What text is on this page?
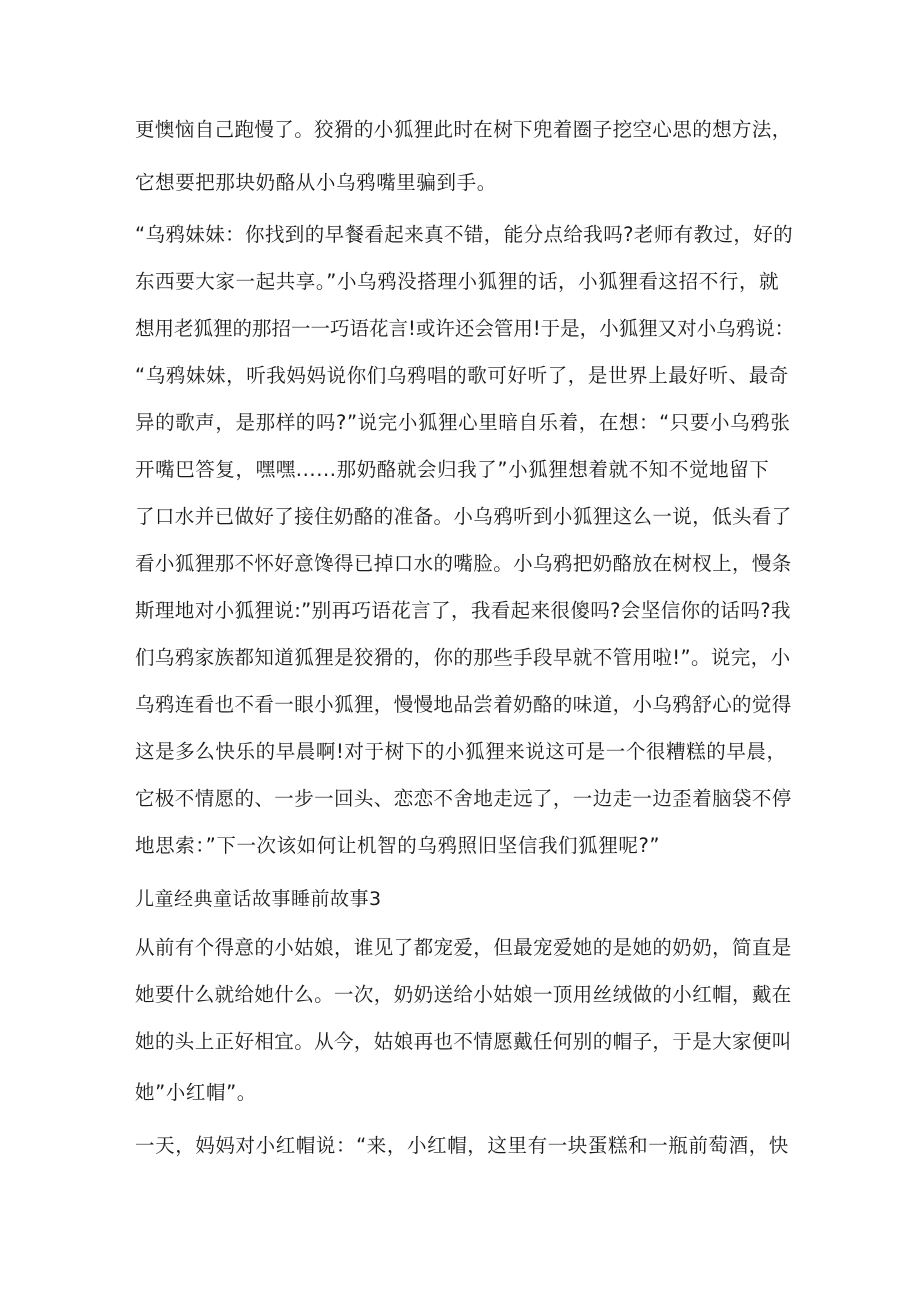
更懊恼自己跑慢了。狡猾的小狐狸此时在树下兜着圈子挖空心思的想方法，
它想要把那块奶酪从小乌鸦嘴里骗到手。
“乌鸦妹妹：你找到的早餐看起来真不错，能分点给我吗?老师有教过，好的
东西要大家一起共享。”小乌鸦没搭理小狐狸的话，小狐狸看这招不行，就
想用老狐狸的那招一一巧语花言!或许还会管用!于是，小狐狸又对小乌鸦说：
“乌鸦妹妹，听我妈妈说你们乌鸦唱的歌可好听了，是世界上最好听、最奇
异的歌声，是那样的吗?”说完小狐狸心里暗自乐着，在想：“只要小乌鸦张
开嘴巴答复，嘿嘿......那奶酪就会归我了”小狐狸想着就不知不觉地留下
了口水并已做好了接住奶酪的准备。小乌鸦听到小狐狸这么一说，低头看了
看小狐狸那不怀好意馋得已掉口水的嘴脸。小乌鸦把奶酪放在树杈上，慢条
斯理地对小狐狸说:”别再巧语花言了，我看起来很傻吗?会坚信你的话吗?我
们乌鸦家族都知道狐狸是狡猾的，你的那些手段早就不管用啦!”。说完，小
乌鸦连看也不看一眼小狐狸，慢慢地品尝着奶酪的味道，小乌鸦舒心的觉得
这是多么快乐的早晨啊!对于树下的小狐狸来说这可是一个很糟糕的早晨，
它极不情愿的、一步一回头、恋恋不舍地走远了，一边走一边歪着脑袋不停
地思索：”下一次该如何让机智的乌鸦照旧坚信我们狐狸呢?”
儿童经典童话故事睡前故事3
从前有个得意的小姑娘，谁见了都宠爱，但最宠爱她的是她的奶奶，简直是
她要什么就给她什么。一次，奶奶送给小姑娘一顶用丝绒做的小红帽，戴在
她的头上正好相宜。从今，姑娘再也不情愿戴任何别的帽子，于是大家便叫
她”小红帽”。
一天，妈妈对小红帽说：“来，小红帽，这里有一块蛋糕和一瓶前萄酒，快
